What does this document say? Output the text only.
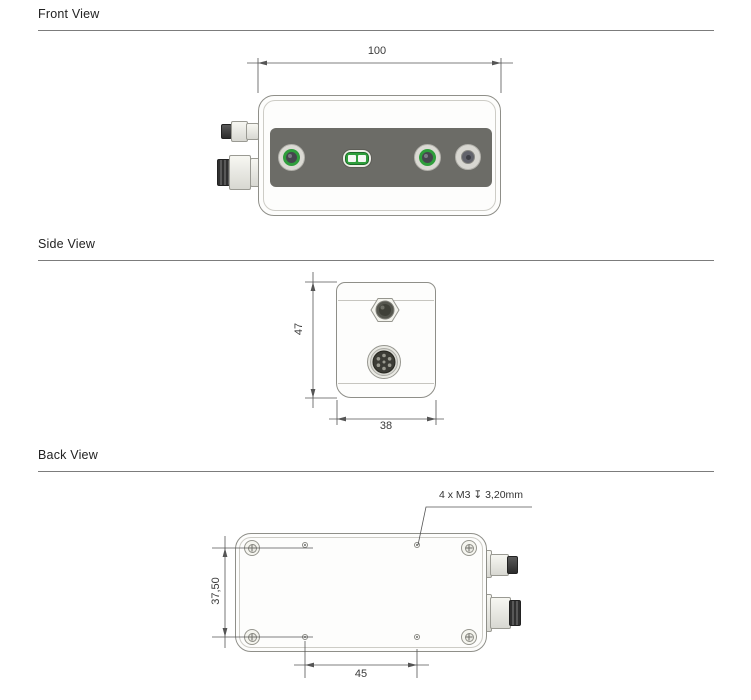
Front View
100
Side View
47
38
Back View
4 x M3 ↧ 3,20mm
37,50
45
